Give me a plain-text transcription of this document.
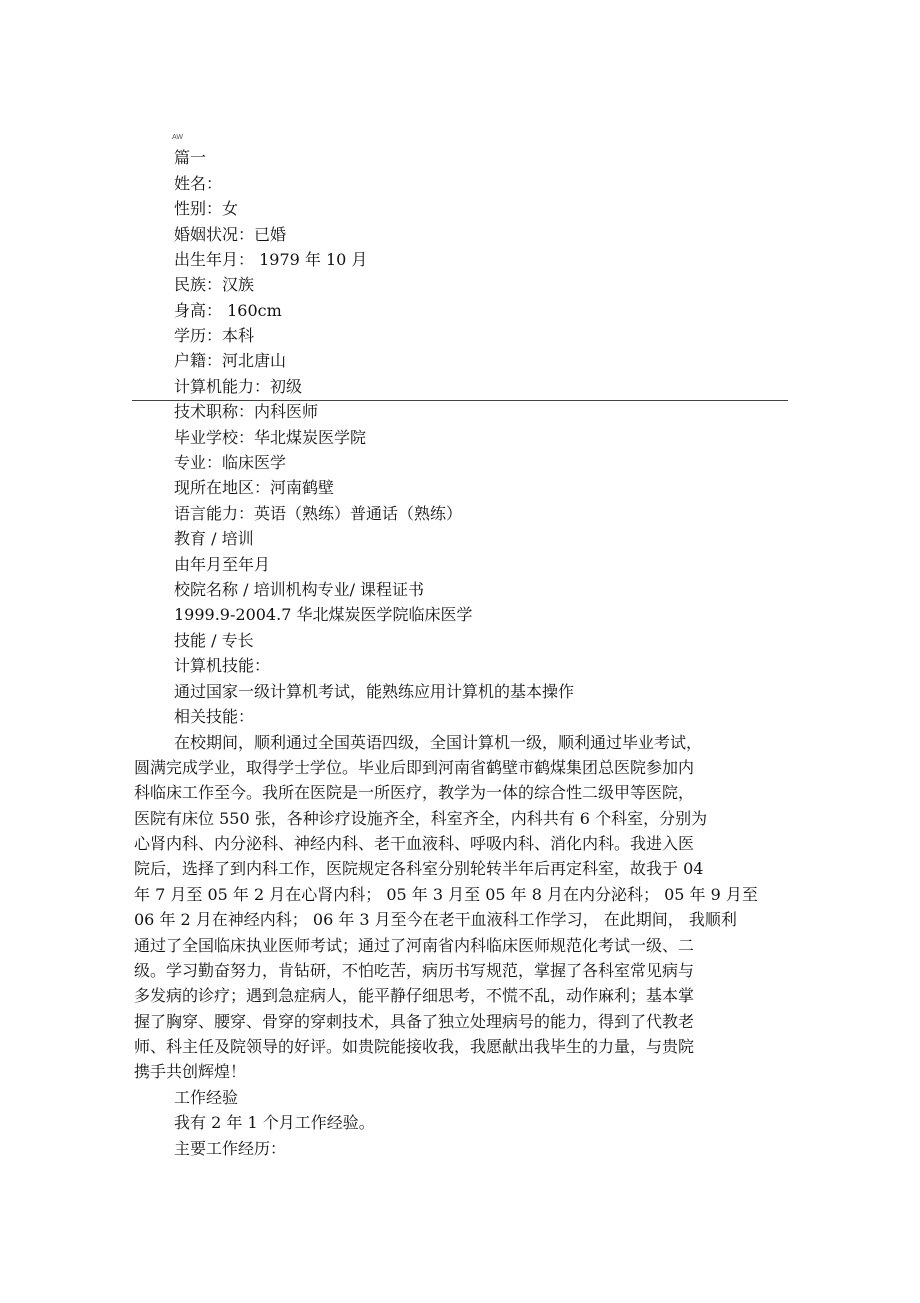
AW
篇一
姓名：
性别：女
婚姻状况：已婚
出生年月： 1979 年 10 月
民族：汉族
身高： 160cm
学历：本科
户籍：河北唐山
计算机能力：初级
技术职称：内科医师
毕业学校：华北煤炭医学院
专业：临床医学
现所在地区：河南鹤壁
语言能力：英语（熟练）普通话（熟练）
教育 / 培训
由年月至年月
校院名称 / 培训机构专业/ 课程证书
1999.9-2004.7 华北煤炭医学院临床医学
技能 / 专长
计算机技能：
通过国家一级计算机考试，能熟练应用计算机的基本操作
相关技能：
在校期间，顺利通过全国英语四级，全国计算机一级，顺利通过毕业考试，
圆满完成学业，取得学士学位。毕业后即到河南省鹤壁市鹤煤集团总医院参加内
科临床工作至今。我所在医院是一所医疗，教学为一体的综合性二级甲等医院，
医院有床位 550 张，各种诊疗设施齐全，科室齐全，内科共有 6 个科室，分别为
心肾内科、内分泌科、神经内科、老干血液科、呼吸内科、消化内科。我进入医
院后，选择了到内科工作，医院规定各科室分别轮转半年后再定科室，故我于 04
年 7 月至 05 年 2 月在心肾内科； 05 年 3 月至 05 年 8 月在内分泌科； 05 年 9 月至
06 年 2 月在神经内科； 06 年 3 月至今在老干血液科工作学习， 在此期间， 我顺利
通过了全国临床执业医师考试；通过了河南省内科临床医师规范化考试一级、二
级。学习勤奋努力，肯钻研，不怕吃苦，病历书写规范，掌握了各科室常见病与
多发病的诊疗；遇到急症病人，能平静仔细思考，不慌不乱，动作麻利；基本掌
握了胸穿、腰穿、骨穿的穿刺技术，具备了独立处理病号的能力，得到了代教老
师、科主任及院领导的好评。如贵院能接收我，我愿献出我毕生的力量，与贵院
携手共创辉煌！
工作经验
我有 2 年 1 个月工作经验。
主要工作经历：
